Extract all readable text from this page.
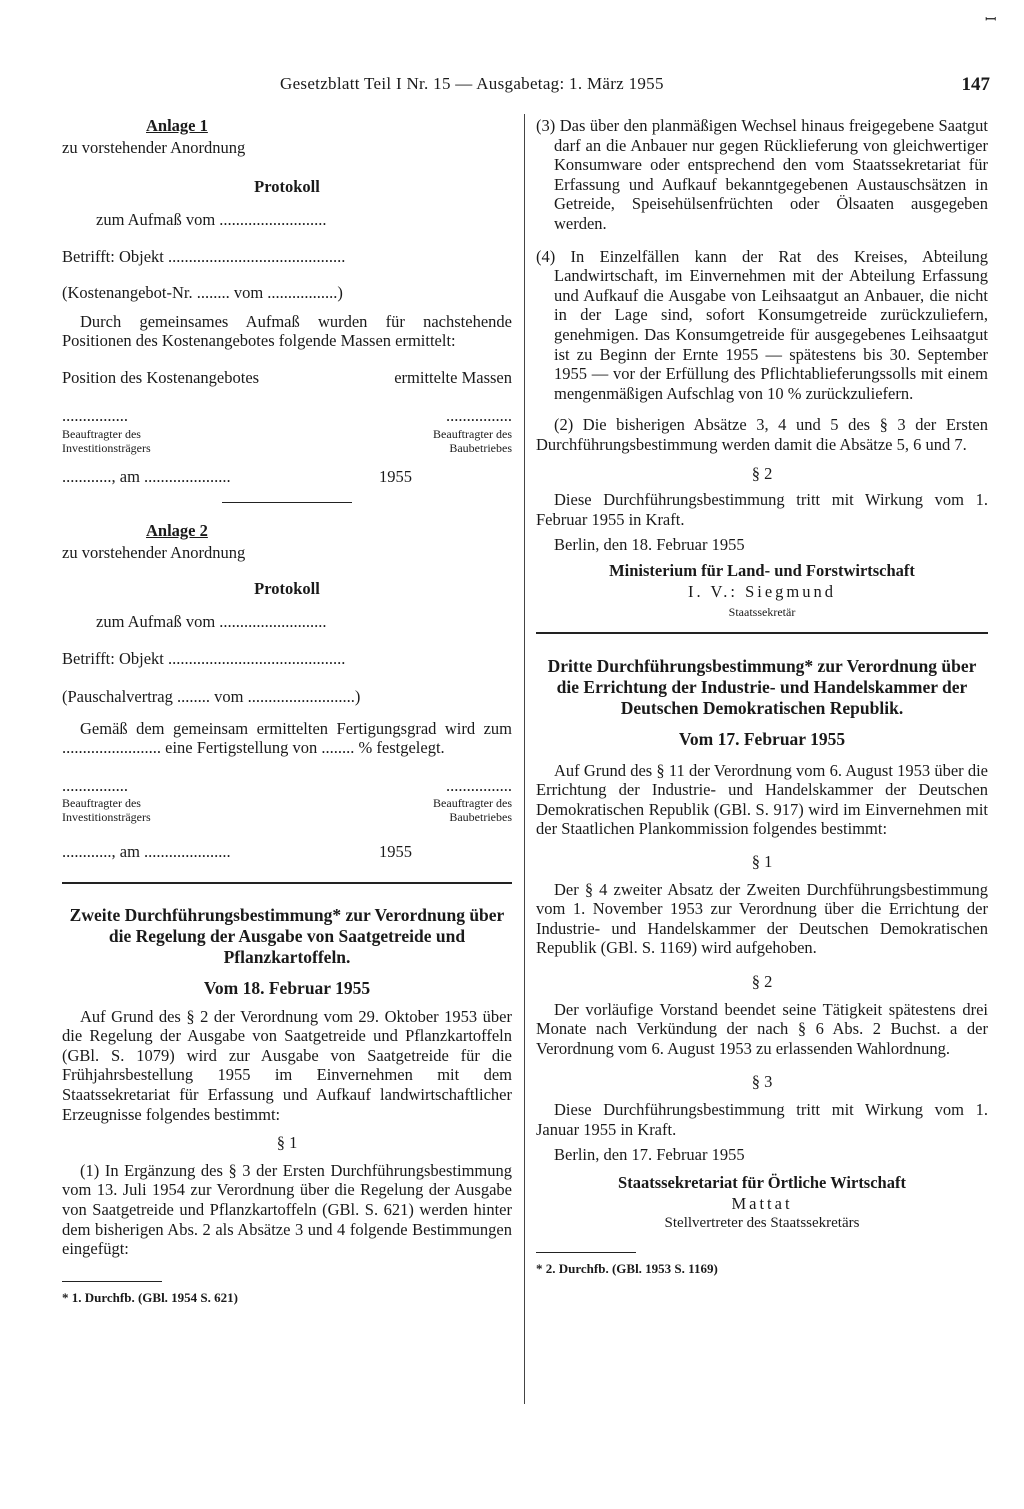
ꟷ
Gesetzblatt Teil I Nr. 15 — Ausgabetag: 1. März 1955	147

Anlage 1

zu vorstehender Anordnung

Protokoll

zum Aufmaß vom ..........................

Betrifft: Objekt ...........................................

(Kostenangebot-Nr. ........ vom .................)

Durch gemeinsames Aufmaß wurden für nachstehende Positionen des Kostenangebotes folgende Massen ermittelt:

Position des Kostenangebotes	ermittelte Massen
................	................
Beauftragter des Investitionsträgers
Beauftragter des Baubetriebes
............, am .....................	1955

Anlage 2

zu vorstehender Anordnung

Protokoll

zum Aufmaß vom ..........................

Betrifft: Objekt ...........................................

(Pauschalvertrag ........ vom ..........................)

Gemäß dem gemeinsam ermittelten Fertigungsgrad wird zum ........................ eine Fertigstellung von ........ % festgelegt.

................	................
Beauftragter des Investitionsträgers
Beauftragter des Baubetriebes
............, am .....................	1955

Zweite Durchführungsbestimmung* zur Verordnung über die Regelung der Ausgabe von Saatgetreide und Pflanzkartoffeln.

Vom 18. Februar 1955

Auf Grund des § 2 der Verordnung vom 29. Oktober 1953 über die Regelung der Ausgabe von Saatgetreide und Pflanzkartoffeln (GBl. S. 1079) wird zur Ausgabe von Saatgetreide für die Frühjahrsbestellung 1955 im Einvernehmen mit dem Staatssekretariat für Erfassung und Aufkauf landwirtschaftlicher Erzeugnisse folgendes bestimmt:

§ 1

(1) In Ergänzung des § 3 der Ersten Durchführungsbestimmung vom 13. Juli 1954 zur Verordnung über die Regelung der Ausgabe von Saatgetreide und Pflanzkartoffeln (GBl. S. 621) werden hinter dem bisherigen Abs. 2 als Absätze 3 und 4 folgende Bestimmungen eingefügt:

* 1. Durchfb. (GBl. 1954 S. 621)

(3) Das über den planmäßigen Wechsel hinaus freigegebene Saatgut darf an die Anbauer nur gegen Rücklieferung von gleichwertiger Konsumware oder entsprechend den vom Staatssekretariat für Erfassung und Aufkauf bekanntgegebenen Austauschsätzen in Getreide, Speisehülsenfrüchten oder Ölsaaten ausgegeben werden.

(4) In Einzelfällen kann der Rat des Kreises, Abteilung Landwirtschaft, im Einvernehmen mit der Abteilung Erfassung und Aufkauf die Ausgabe von Leihsaatgut an Anbauer, die nicht in der Lage sind, sofort Konsumgetreide zurückzuliefern, genehmigen. Das Konsumgetreide für ausgegebenes Leihsaatgut ist zu Beginn der Ernte 1955 — spätestens bis 30. September 1955 — vor der Erfüllung des Pflichtablieferungssolls mit einem mengenmäßigen Aufschlag von 10 % zurückzuliefern.

(2) Die bisherigen Absätze 3, 4 und 5 des § 3 der Ersten Durchführungsbestimmung werden damit die Absätze 5, 6 und 7.

§ 2

Diese Durchführungsbestimmung tritt mit Wirkung vom 1. Februar 1955 in Kraft.

Berlin, den 18. Februar 1955

Ministerium für Land- und Forstwirtschaft

I. V.: Siegmund

Staatssekretär

Dritte Durchführungsbestimmung* zur Verordnung über die Errichtung der Industrie- und Handelskammer der Deutschen Demokratischen Republik.

Vom 17. Februar 1955

Auf Grund des § 11 der Verordnung vom 6. August 1953 über die Errichtung der Industrie- und Handelskammer der Deutschen Demokratischen Republik (GBl. S. 917) wird im Einvernehmen mit der Staatlichen Plankommission folgendes bestimmt:

§ 1

Der § 4 zweiter Absatz der Zweiten Durchführungsbestimmung vom 1. November 1953 zur Verordnung über die Errichtung der Industrie- und Handelskammer der Deutschen Demokratischen Republik (GBl. S. 1169) wird aufgehoben.

§ 2

Der vorläufige Vorstand beendet seine Tätigkeit spätestens drei Monate nach Verkündung der nach § 6 Abs. 2 Buchst. a der Verordnung vom 6. August 1953 zu erlassenden Wahlordnung.

§ 3

Diese Durchführungsbestimmung tritt mit Wirkung vom 1. Januar 1955 in Kraft.

Berlin, den 17. Februar 1955

Staatssekretariat für Örtliche Wirtschaft

Mattat

Stellvertreter des Staatssekretärs

* 2. Durchfb. (GBl. 1953 S. 1169)
